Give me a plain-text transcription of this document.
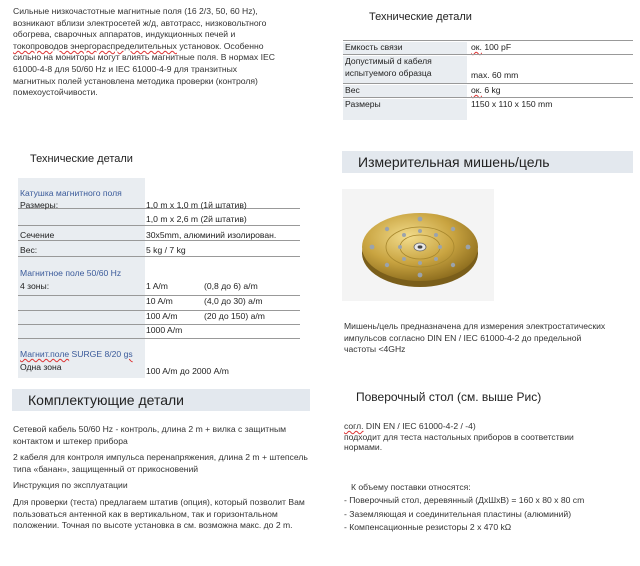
Сильные низкочастотные магнитные поля (16 2/3, 50, 60 Hz),
возникают вблизи электросетей ж/д, автотрасс, низковольтного
обогрева, сварочных аппаратов, индукционных печей и
токопроводов энергораспределительных установок. Особенно
сильно на мониторы могут влиять магнитные поля. В нормах IEC
61000-4-8 для 50/60 Hz и IEC 61000-4-9 для транзитных
магнитных полей установлена методика проверки (контроля)
помехоустойчивости.
Технические детали
Емкость связи	ок. 100 pF
Допустимый d кабеля испытуемого образца	max. 60 mm
Вес	ок. 6 kg
Размеры	1150 x 110 x 150 mm
Технические детали
Катушка магнитного поля
Размеры:	1,0 m x 1,0 m (1й штатив)
1,0 m x 2,6 m (2й штатив)
Сечение	30x5mm, алюминий изолирован.
Вес:	5 kg / 7 kg
Магнитное поле 50/60 Hz
4 зоны:	1 A/m	(0,8 до 6) a/m
10 A/m	(4,0 до 30) a/m
100 A/m	(20 до 150) a/m
1000 A/m
Магнит.поле SURGE 8/20 gs
Одна зона	100 A/m до 2000 A/m
Измерительная мишень/цель
Мишень/цель предназначена для измерения электростатических
импульсов согласно DIN EN / IEC 61000-4-2 до предельной
частоты <4GHz
Комплектующие детали
Сетевой кабель 50/60 Hz - контроль, длина 2 m + вилка с защитным
контактом и штекер прибора
2 кабеля для контроля импульса перенапряжения, длина 2 m + штепсель
типа «банан», защищенный от прикосновений
Инструкция по эксплуатации
Для проверки (теста) предлагаем штатив (опция), который позволит Вам
пользоваться антенной как в вертикальном, так и горизонтальном
положении. Точная по высоте установка в см. возможна макс. до 2 m.
Поверочный стол (см. выше Рис)
согл. DIN EN / IEC 61000-4-2 / -4)
подходит для теста настольных приборов в соответствии
нормами.
К объему поставки относятся:
- Поверочный стол, деревянный (ДхШхВ) = 160 x 80 x 80 cm
- Заземляющая и соединительная пластины (алюминий)
- Компенсационные резисторы 2 x 470 kΩ
